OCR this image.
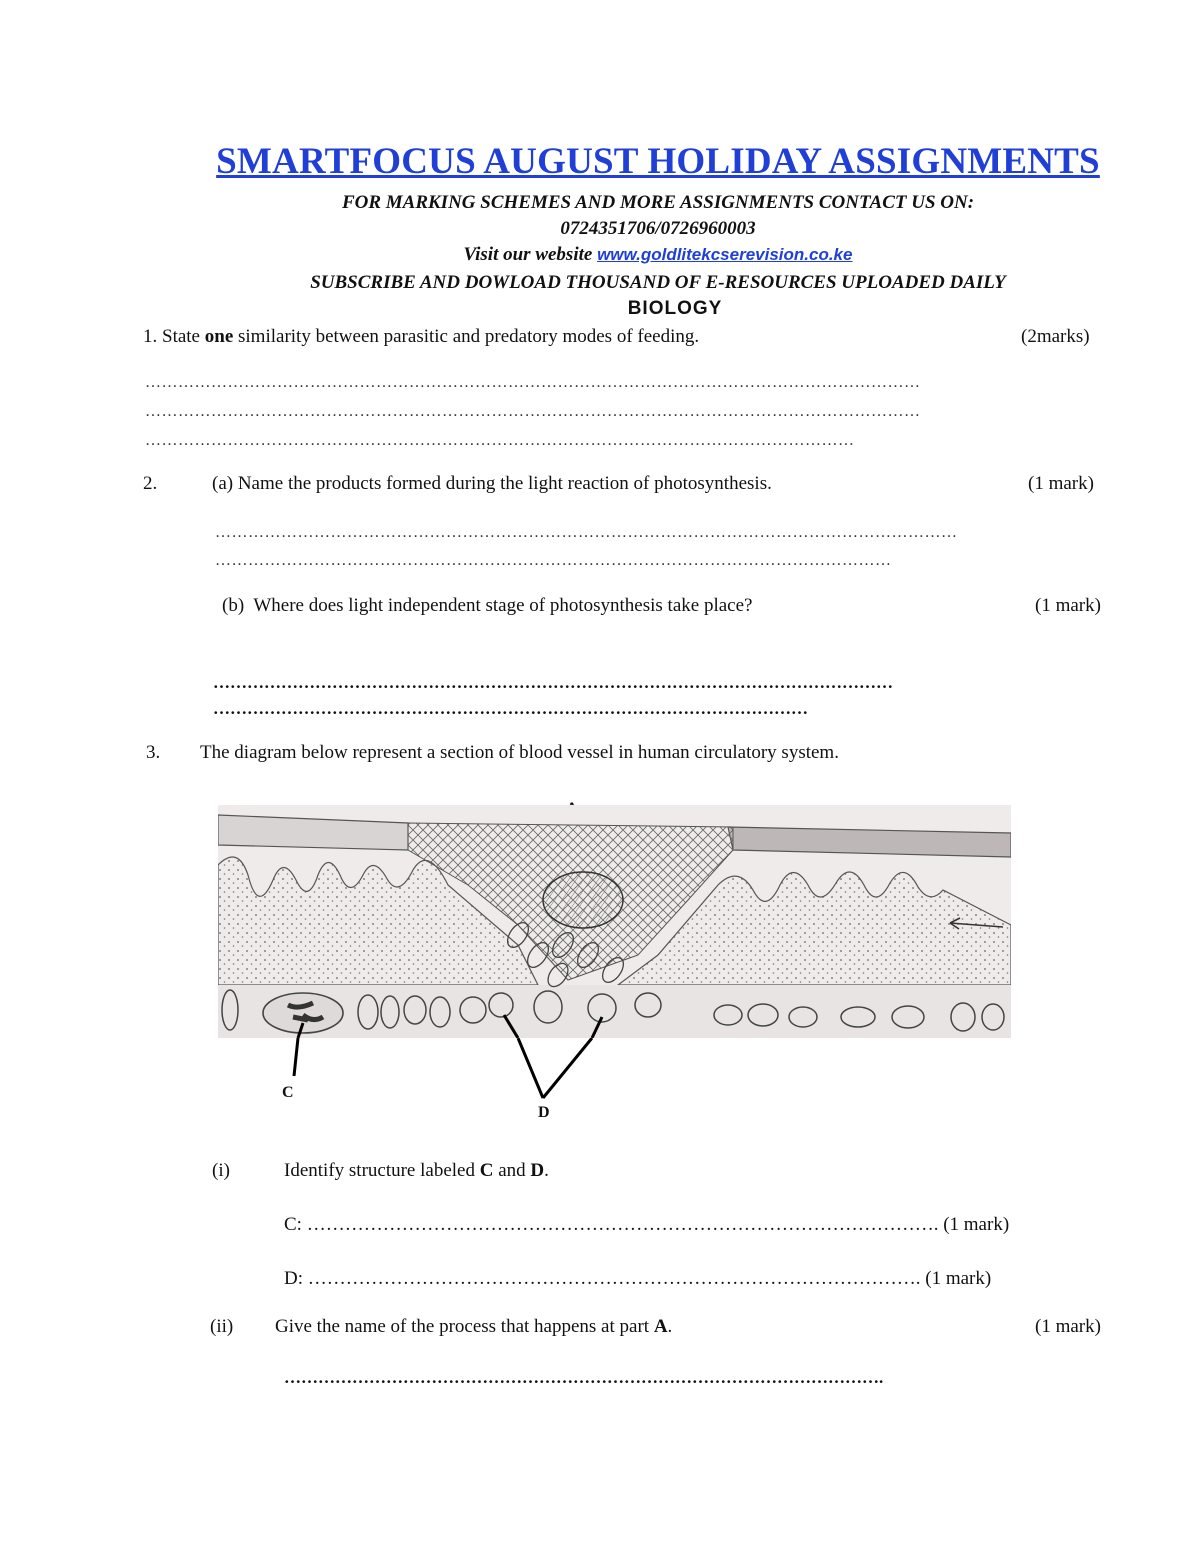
SMARTFOCUS AUGUST HOLIDAY ASSIGNMENTS
FOR MARKING SCHEMES AND MORE ASSIGNMENTS CONTACT US ON:
0724351706/0726960003
Visit our website www.goldlitekcserevision.co.ke
SUBSCRIBE AND DOWLOAD THOUSAND OF E-RESOURCES UPLOADED DAILY
BIOLOGY
1. State one similarity between parasitic and predatory modes of feeding.	(2marks)
……………………………………………………………………………………………………………………………
……………………………………………………………………………………………………………………………
…………………………………………………………………………………………………………………
2.	(a) Name the products formed during the light reaction of photosynthesis.	(1 mark)
………………………………………………………………………………………………………………………
……………………………………………………………………………………………………………
(b) Where does light independent stage of photosynthesis take place?	(1 mark)
…………………………………………………………………………………………………………
……………………………………………………………………………………………
3. The diagram below represent a section of blood vessel in human circulatory system.
C
D
(i)	Identify structure labeled C and D.
C: ………………………………………………………………………………………. (1 mark)
D: ……………………………………………………………………………………. (1 mark)
(ii) Give the name of the process that happens at part A.	(1 mark)
…………………………………………………………………………………………….
